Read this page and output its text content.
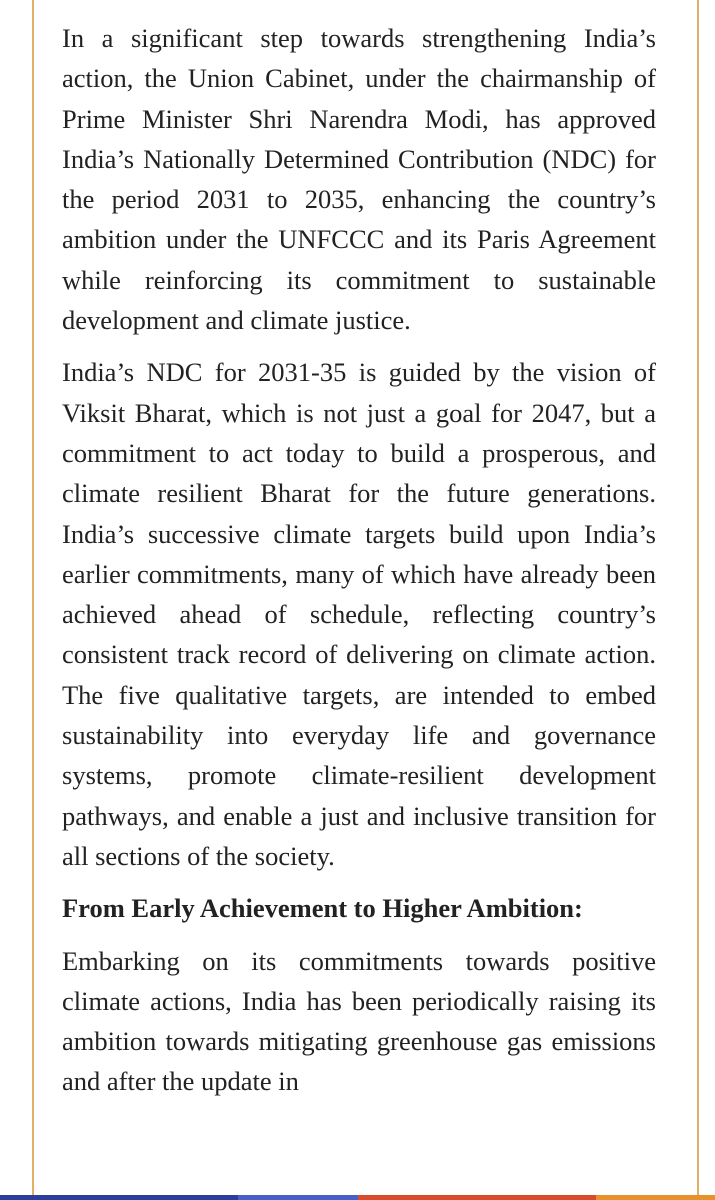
In a significant step towards strengthening India’s action, the Union Cabinet, under the chairmanship of Prime Minister Shri Narendra Modi, has approved India’s Nationally Determined Contribution (NDC) for the period 2031 to 2035, enhancing the country’s ambition under the UNFCCC and its Paris Agreement while reinforcing its commitment to sustainable development and climate justice.

India’s NDC for 2031-35 is guided by the vision of Viksit Bharat, which is not just a goal for 2047, but a commitment to act today to build a prosperous, and climate resilient Bharat for the future generations. India’s successive climate targets build upon India’s earlier commitments, many of which have already been achieved ahead of schedule, reflecting country’s consistent track record of delivering on climate action. The five qualitative targets, are intended to embed sustainability into everyday life and governance systems, promote climate-resilient development pathways, and enable a just and inclusive transition for all sections of the society.

From Early Achievement to Higher Ambition:

Embarking on its commitments towards positive climate actions, India has been periodically raising its ambition towards mitigating greenhouse gas emissions and after the update in
